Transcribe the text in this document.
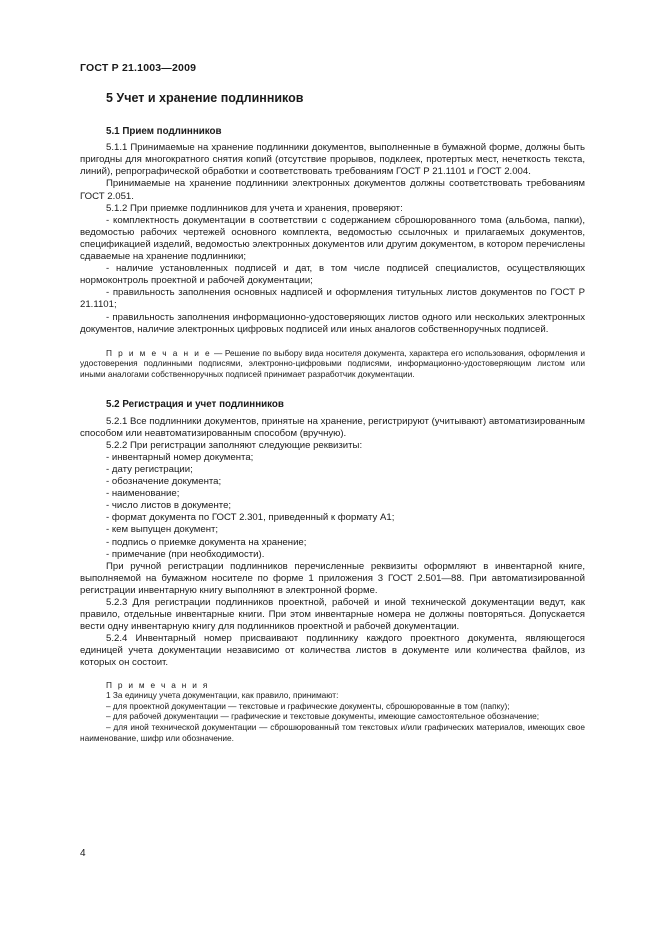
ГОСТ Р 21.1003—2009
5 Учет и хранение подлинников
5.1 Прием подлинников

5.1.1 Принимаемые на хранение подлинники документов, выполненные в бумажной форме, должны быть пригодны для многократного снятия копий (отсутствие прорывов, подклеек, протертых мест, нечеткость текста, линий), репрографической обработки и соответствовать требованиям ГОСТ Р 21.1101 и ГОСТ 2.004.

Принимаемые на хранение подлинники электронных документов должны соответствовать требованиям ГОСТ 2.051.

5.1.2 При приемке подлинников для учета и хранения, проверяют:

- комплектность документации в соответствии с содержанием сброшюрованного тома (альбома, папки), ведомостью рабочих чертежей основного комплекта, ведомостью ссылочных и прилагаемых документов, спецификацией изделий, ведомостью электронных документов или другим документом, в котором перечислены сдаваемые на хранение подлинники;

- наличие установленных подписей и дат, в том числе подписей специалистов, осуществляющих нормоконтроль проектной и рабочей документации;

- правильность заполнения основных надписей и оформления титульных листов документов по ГОСТ Р 21.1101;

- правильность заполнения информационно-удостоверяющих листов одного или нескольких электронных документов, наличие электронных цифровых подписей или иных аналогов собственноручных подписей.

П р и м е ч а н и е — Решение по выбору вида носителя документа, характера его использования, оформления и удостоверения подлинными подписями, электронно-цифровыми подписями, информационно-удостоверяющим листом или иными аналогами собственноручных подписей принимает разработчик документации.

5.2 Регистрация и учет подлинников

5.2.1 Все подлинники документов, принятые на хранение, регистрируют (учитывают) автоматизированным способом или неавтоматизированным способом (вручную).

5.2.2 При регистрации заполняют следующие реквизиты:

- инвентарный номер документа;

- дату регистрации;

- обозначение документа;

- наименование;

- число листов в документе;

- формат документа по ГОСТ 2.301, приведенный к формату А1;

- кем выпущен документ;

- подпись о приемке документа на хранение;

- примечание (при необходимости).

При ручной регистрации подлинников перечисленные реквизиты оформляют в инвентарной книге, выполняемой на бумажном носителе по форме 1 приложения 3 ГОСТ 2.501—88. При автоматизированной регистрации инвентарную книгу выполняют в электронной форме.

5.2.3 Для регистрации подлинников проектной, рабочей и иной технической документации ведут, как правило, отдельные инвентарные книги. При этом инвентарные номера не должны повторяться. Допускается вести одну инвентарную книгу для подлинников проектной и рабочей документации.

5.2.4 Инвентарный номер присваивают подлиннику каждого проектного документа, являющегося единицей учета документации независимо от количества листов в документе или количества файлов, из которых он состоит.

П р и м е ч а н и я

1 За единицу учета документации, как правило, принимают:

– для проектной документации — текстовые и графические документы, сброшюрованные в том (папку);

– для рабочей документации — графические и текстовые документы, имеющие самостоятельное обозначение;

– для иной технической документации — сброшюрованный том текстовых и/или графических материалов, имеющих свое наименование, шифр или обозначение.

4
